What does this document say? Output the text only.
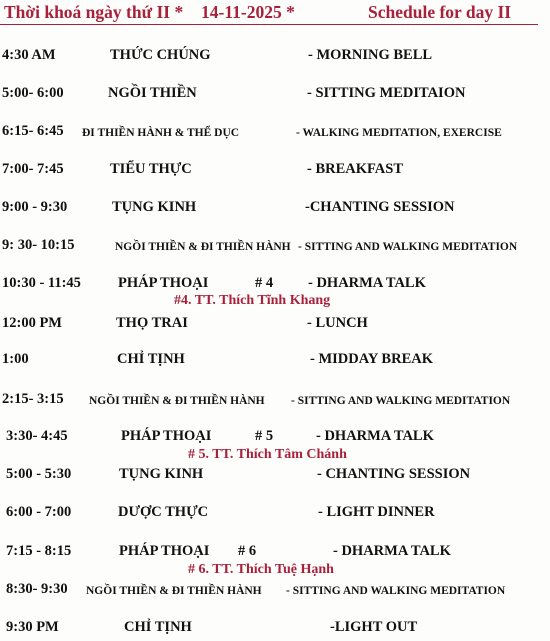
Thời khoá ngày thứ II * 14-11-2025 *	Schedule for day II
4:30 AM	THỨC CHÚNG	- MORNING BELL
5:00- 6:00	NGỒI THIỀN	- SITTING MEDITAION
6:15- 6:45 ĐI THIỀN HÀNH & THỂ DỤC	- WALKING MEDITATION, EXERCISE
7:00- 7:45	TIỂU THỰC	- BREAKFAST
9:00 - 9:30	TỤNG KINH	-CHANTING SESSION
9: 30- 10:15	NGỒI THIỀN & ĐI THIỀN HÀNH - SITTING AND WALKING MEDITATION
10:30 - 11:45	PHÁP THOẠI	# 4 - DHARMA TALK
#4. TT. Thích Tĩnh Khang
12:00 PM	THỌ TRAI	- LUNCH
1:00	CHỈ TỊNH	- MIDDAY BREAK
2:15- 3:15 NGỒI THIỀN & ĐI THIỀN HÀNH - SITTING AND WALKING MEDITATION
3:30- 4:45	PHÁP THOẠI	# 5	- DHARMA TALK
# 5. TT. Thích Tâm Chánh
5:00 - 5:30	TỤNG KINH	- CHANTING SESSION
6:00 - 7:00	DƯỢC THỰC	- LIGHT DINNER
7:15 - 8:15	PHÁP THOẠI # 6	- DHARMA TALK
# 6. TT. Thích Tuệ Hạnh
8:30- 9:30 NGỒI THIỀN & ĐI THIỀN HÀNH - SITTING AND WALKING MEDITATION
9:30 PM	CHỈ TỊNH	-LIGHT OUT
